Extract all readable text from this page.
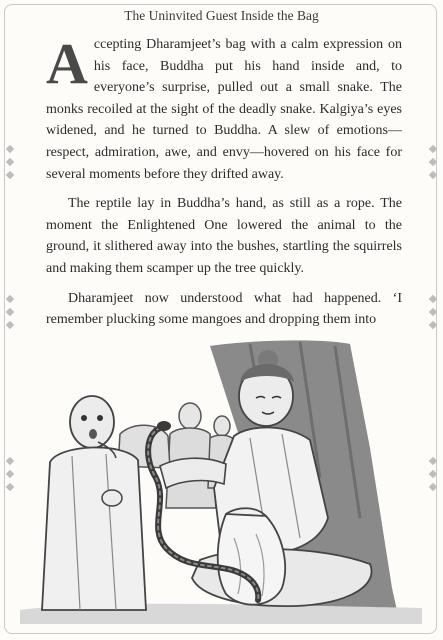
The Uninvited Guest Inside the Bag

Accepting Dharamjeet’s bag with a calm expression on his face, Buddha put his hand inside and, to everyone’s surprise, pulled out a small snake. The monks recoiled at the sight of the deadly snake. Kalgiya’s eyes widened, and he turned to Buddha. A slew of emotions—respect, admiration, awe, and envy—hovered on his face for several moments before they drifted away.

The reptile lay in Buddha’s hand, as still as a rope. The moment the Enlightened One lowered the animal to the ground, it slithered away into the bushes, startling the squirrels and making them scamper up the tree quickly.

Dharamjeet now understood what had happened. ‘I remember plucking some mangoes and dropping them into
